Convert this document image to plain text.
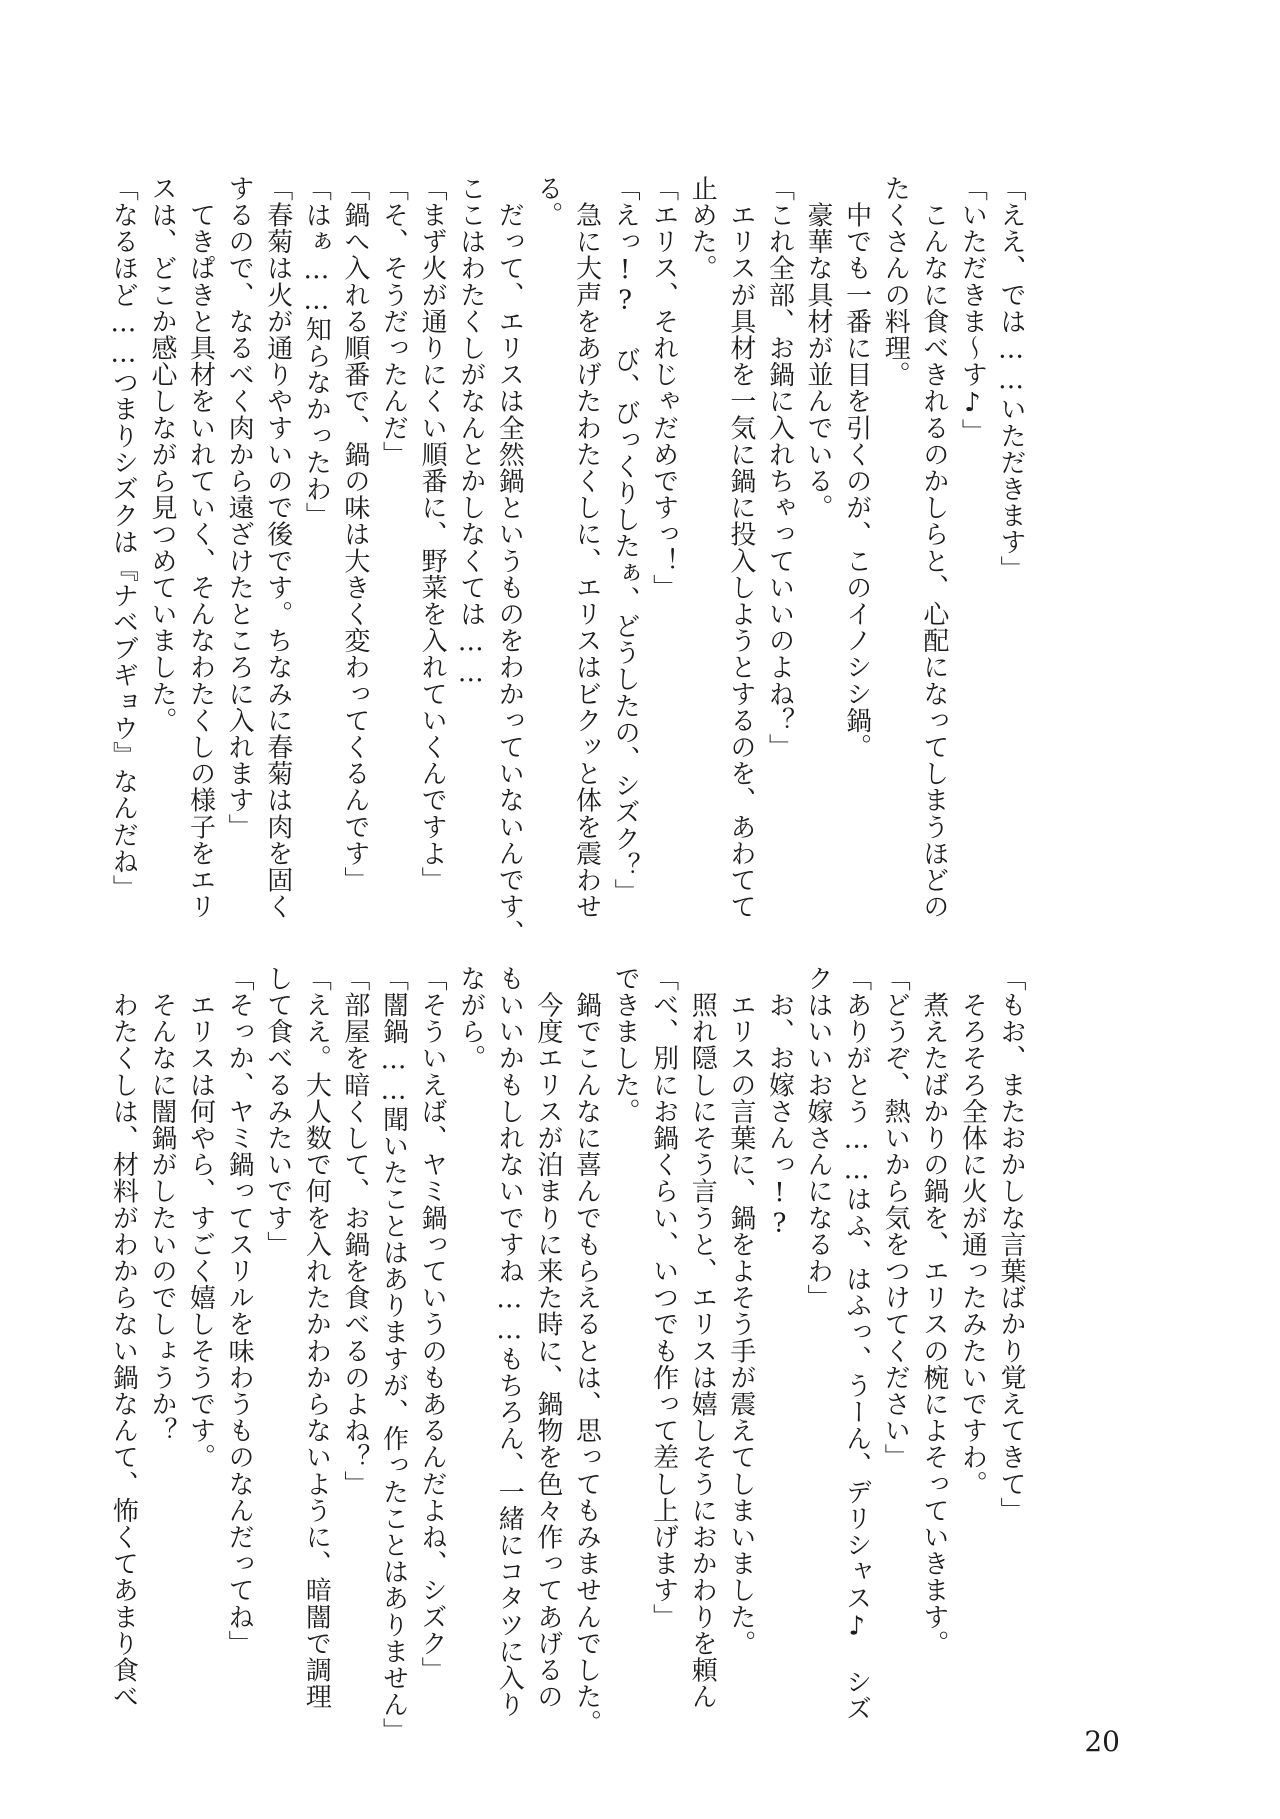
「ええ、では……いただきます」
「いただきま～す♪」
　こんなに食べきれるのかしらと、心配になってしまうほどの
たくさんの料理。
　中でも一番に目を引くのが、このイノシシ鍋。
　豪華な具材が並んでいる。
「これ全部、お鍋に入れちゃっていいのよね？」
　エリスが具材を一気に鍋に投入しようとするのを、あわてて
止めた。
「エリス、それじゃだめですっ！」
「えっ!? び、びっくりしたぁ、どうしたの、シズク？」
　急に大声をあげたわたくしに、エリスはビクッと体を震わせ
る。
　だって、エリスは全然鍋というものをわかっていないんです、
ここはわたくしがなんとかしなくては……
「まず火が通りにくい順番に、野菜を入れていくんですよ」
「そ、そうだったんだ」
「鍋へ入れる順番で、鍋の味は大きく変わってくるんです」
「はぁ……知らなかったわ」
「春菊は火が通りやすいので後です。ちなみに春菊は肉を固く
するので、なるべく肉から遠ざけたところに入れます」
　てきぱきと具材をいれていく、そんなわたくしの様子をエリ
スは、どこか感心しながら見つめていました。
「なるほど……つまりシズクは『ナベブギョウ』なんだね」
「もお、またおかしな言葉ばかり覚えてきて」
　そろそろ全体に火が通ったみたいですわ。
　煮えたばかりの鍋を、エリスの椀によそっていきます。
「どうぞ、熱いから気をつけてください」
「ありがとう……はふ、はふっ、うーん、デリシャス♪　シズ
クはいいお嫁さんになるわ」
　お、お嫁さんっ!?
　エリスの言葉に、鍋をよそう手が震えてしまいました。
　照れ隠しにそう言うと、エリスは嬉しそうにおかわりを頼ん
「べ、別にお鍋くらい、いつでも作って差し上げます」
できました。
　鍋でこんなに喜んでもらえるとは、思ってもみませんでした。
　今度エリスが泊まりに来た時に、鍋物を色々作ってあげるの
もいいかもしれないですね……もちろん、一緒にコタツに入り
ながら。
「そういえば、ヤミ鍋っていうのもあるんだよね、シズク」
「闇鍋……聞いたことはありますが、作ったことはありません」
「部屋を暗くして、お鍋を食べるのよね？」
「ええ。大人数で何を入れたかわからないように、暗闇で調理
して食べるみたいです」
「そっか、ヤミ鍋ってスリルを味わうものなんだってね」
　エリスは何やら、すごく嬉しそうです。
　そんなに闇鍋がしたいのでしょうか？
　わたくしは、材料がわからない鍋なんて、怖くてあまり食べ
20
